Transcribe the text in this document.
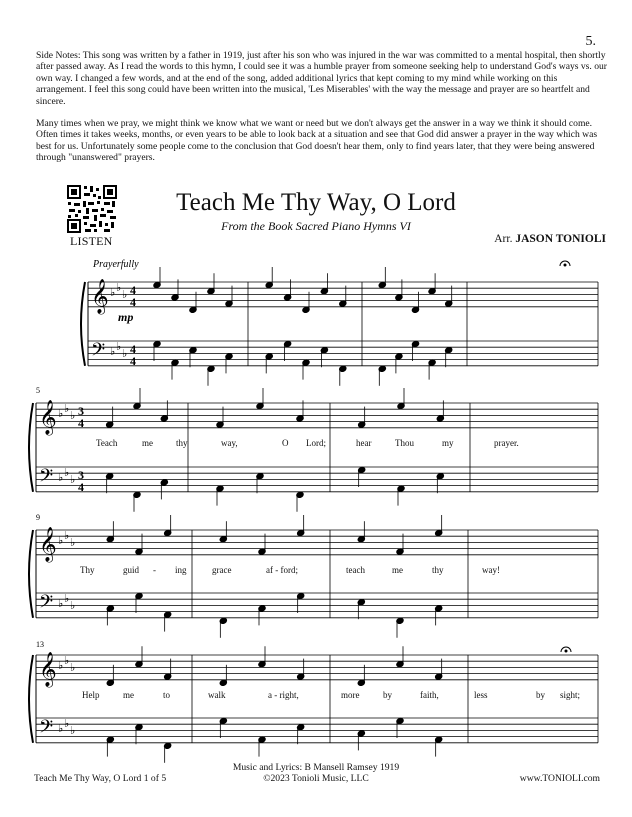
5.

Side Notes: This song was written by a father in 1919, just after his son who was injured in the war was committed to a mental hospital, then shortly after passed away. As I read the words to this hymn, I could see it was a humble prayer from someone seeking help to understand God's ways vs. our own way. I changed a few words, and at the end of the song, added additional lyrics that kept coming to my mind while working on this arrangement. I feel this song could have been written into the musical, 'Les Miserables' with the way the message and prayer are so heartfelt and sincere.

Many times when we pray, we might think we know what we want or need but we don't always get the answer in a way we think it should come. Often times it takes weeks, months, or even years to be able to look back at a situation and see that God did answer a prayer in the way which was best for us. Unfortunately some people come to the conclusion that God doesn't hear them, only to find years later, that they were being answered through "unanswered" prayers.

LISTEN
Teach Me Thy Way, O Lord
From the Book Sacred Piano Hymns VI
Arr. JASON TONIOLI
𝄞
𝄢
♭ ♭
♭
♭ ♭
♭
4
4
4
4
𝄞
𝄢
♭ ♭
♭
♭ ♭
♭
3
4
3
4
𝄞
𝄢
♭ ♭
♭
♭ ♭
♭
𝄞
𝄢
♭ ♭
♭
♭ ♭
♭
Prayerfully
mp
5
9
13
Teach	me	thy	way,	O Lord;	hear	Thou	my	prayer.
Thy	guid - ing	grace	af - ford;	teach	me	thy	way!
Help	me	to	walk	a - right,	more	by	faith,	less	by sight;
Teach Me Thy Way, O Lord 1 of 5
Music and Lyrics: B Mansell Ramsey 1919
©2023 Tonioli Music, LLC	www.TONIOLI.com
